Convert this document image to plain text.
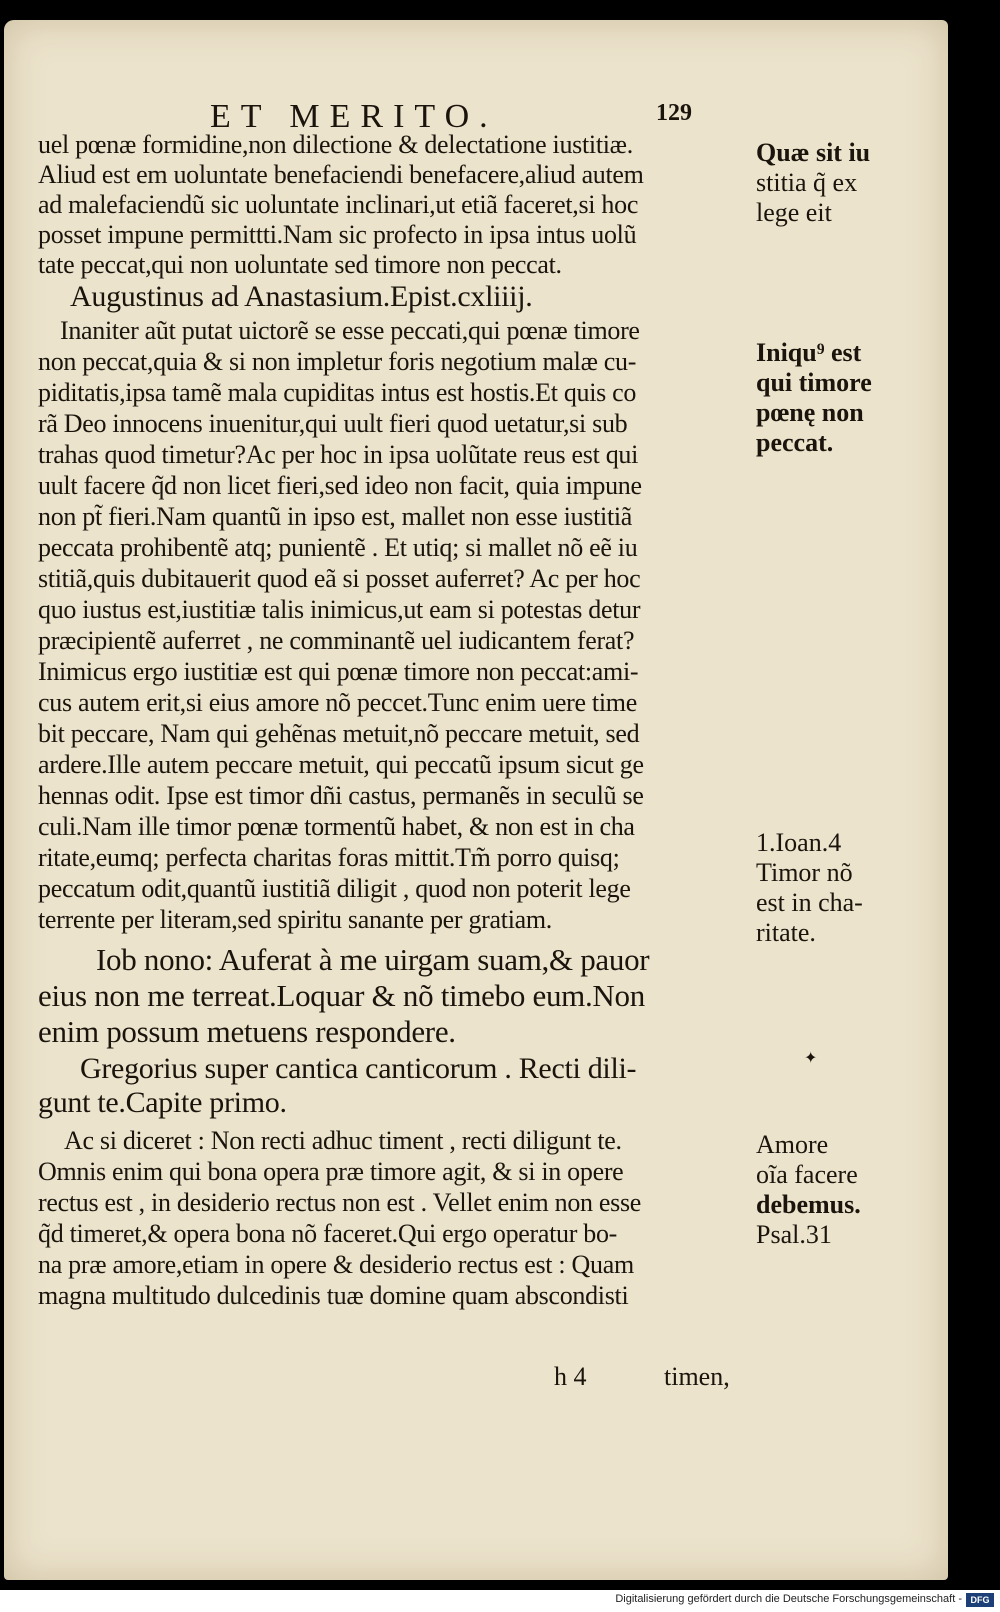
ET MERITO.	129
uel pœnæ formidine,non dilectione & delectatione iustitiæ.
Aliud est em uoluntate benefaciendi benefacere,aliud autem
ad malefaciendũ sic uoluntate inclinari,ut etiã faceret,si hoc
posset impune permittti.Nam sic profecto in ipsa intus uolũ
tate peccat,qui non uoluntate sed timore non peccat.
Augustinus ad Anastasium.Epist.cxliiij.
Inaniter aũt putat uictorẽ se esse peccati,qui pœnæ timore
non peccat,quia & si non impletur foris negotium malæ cu-
piditatis,ipsa tamẽ mala cupiditas intus est hostis.Et quis co
rã Deo innocens inuenitur,qui uult fieri quod uetatur,si sub
trahas quod timetur?Ac per hoc in ipsa uolũtate reus est qui
uult facere q̃d non licet fieri,sed ideo non facit, quia impune
non pt̃ fieri.Nam quantũ in ipso est, mallet non esse iustitiã
peccata prohibentẽ atq; punientẽ . Et utiq; si mallet nõ eẽ iu
stitiã,quis dubitauerit quod eã si posset auferret? Ac per hoc
quo iustus est,iustitiæ talis inimicus,ut eam si potestas detur
præcipientẽ auferret , ne comminantẽ uel iudicantem ferat?
Inimicus ergo iustitiæ est qui pœnæ timore non peccat:ami-
cus autem erit,si eius amore nõ peccet.Tunc enim uere time
bit peccare, Nam qui gehẽnas metuit,nõ peccare metuit, sed
ardere.Ille autem peccare metuit, qui peccatũ ipsum sicut ge
hennas odit. Ipse est timor dñi castus, permanẽs in seculũ se
culi.Nam ille timor pœnæ tormentũ habet, & non est in cha
ritate,eumq; perfecta charitas foras mittit.Tm̃ porro quisq;
peccatum odit,quantũ iustitiã diligit , quod non poterit lege
terrente per literam,sed spiritu sanante per gratiam.
Iob nono: Auferat à me uirgam suam,& pauor
eius non me terreat.Loquar & nõ timebo eum.Non
enim possum metuens respondere.
Gregorius super cantica canticorum . Recti dili-
gunt te.Capite primo.
Ac si diceret : Non recti adhuc timent , recti diligunt te.
Omnis enim qui bona opera præ timore agit, & si in opere
rectus est , in desiderio rectus non est . Vellet enim non esse
q̃d timeret,& opera bona nõ faceret.Qui ergo operatur bo-
na præ amore,etiam in opere & desiderio rectus est : Quam
magna multitudo dulcedinis tuæ domine quam abscondisti
h 4	timen,
Quæ sit iu
stitia q̃ ex
lege eit
Iniqu⁹ est
qui timore
pœnę non
peccat.
1.Ioan.4
Timor nõ
est in cha-
ritate.
Amore
oĩa facere
debemus.
Psal.31
✦
Digitalisierung gefördert durch die Deutsche Forschungsgemeinschaft - DFG
